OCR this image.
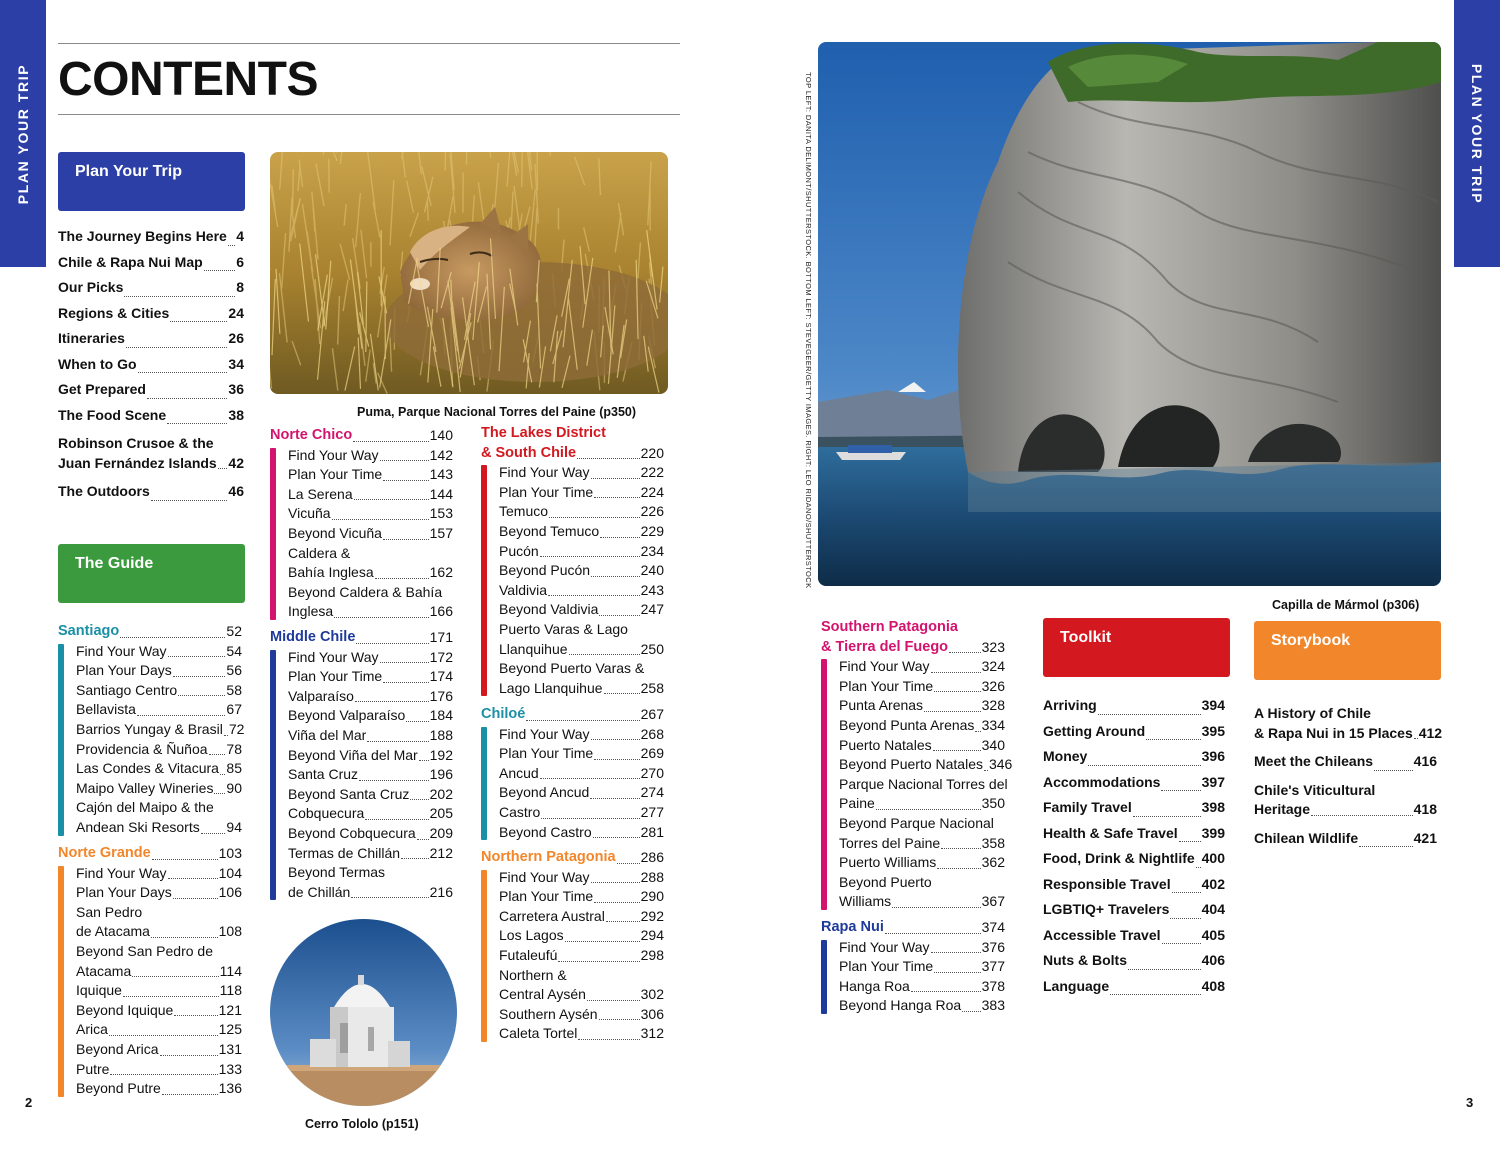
PLAN YOUR TRIP	PLAN YOUR TRIP
CONTENTS
Plan Your Trip
The Journey Begins Here 4
Chile & Rapa Nui Map 6
Our Picks	8
Regions & Cities	24
Itineraries	26
When to Go	34
Get Prepared	36
The Food Scene	38
Robinson Crusoe & the
Juan Fernández Islands 42
The Outdoors	46
The Guide
Santiago	52
Find Your Way	54
Plan Your Days	56
Santiago Centro	58
Bellavista	67
Barrios Yungay & Brasil 72
Providencia & Ñuñoa 78
Las Condes & Vitacura 85
Maipo Valley Wineries 90
Cajón del Maipo & the
Andean Ski Resorts 94
Norte Grande	103
Find Your Way	104
Plan Your Days	106
San Pedro
de Atacama	108
Beyond San Pedro de
Atacama	114
Iquique	118
Beyond Iquique	121
Arica	125
Beyond Arica	131
Putre	133
Beyond Putre	136
Puma, Parque Nacional Torres del Paine (p350)
Norte Chico	140
Find Your Way	142
Plan Your Time	143
La Serena	144
Vicuña	153
Beyond Vicuña	157
Caldera &
Bahía Inglesa	162
Beyond Caldera & Bahía
Inglesa	166
Middle Chile	171
Find Your Way	172
Plan Your Time	174
Valparaíso	176
Beyond Valparaíso 184
Viña del Mar	188
Beyond Viña del Mar 192
Santa Cruz	196
Beyond Santa Cruz 202
Cobquecura	205
Beyond Cobquecura 209
Termas de Chillán 212
Beyond Termas
de Chillán	216
Cerro Tololo (p151)
The Lakes District
& South Chile	220
Find Your Way	222
Plan Your Time	224
Temuco	226
Beyond Temuco	229
Pucón	234
Beyond Pucón	240
Valdivia	243
Beyond Valdivia	247
Puerto Varas & Lago
Llanquihue	250
Beyond Puerto Varas &
Lago Llanquihue	258
Chiloé	267
Find Your Way	268
Plan Your Time	269
Ancud	270
Beyond Ancud	274
Castro	277
Beyond Castro	281
Northern Patagonia 286
Find Your Way	288
Plan Your Time	290
Carretera Austral	292
Los Lagos	294
Futaleufú	298
Northern &
Central Aysén	302
Southern Aysén	306
Caleta Tortel	312
2
TOP LEFT: DANITA DELIMONT/SHUTTERSTOCK. BOTTOM LEFT: STEVEGEER/GETTY IMAGES. RIGHT: LEO RIDANO/SHUTTERSTOCK
Capilla de Mármol (p306)
Southern Patagonia
& Tierra del Fuego 323
Find Your Way	324
Plan Your Time	326
Punta Arenas	328
Beyond Punta Arenas 334
Puerto Natales	340
Beyond Puerto Natales 346
Parque Nacional Torres del
Paine	350
Beyond Parque Nacional
Torres del Paine	358
Puerto Williams	362
Beyond Puerto
Williams	367
Rapa Nui	374
Find Your Way	376
Plan Your Time	377
Hanga Roa	378
Beyond Hanga Roa 383
Toolkit
Arriving	394
Getting Around	395
Money	396
Accommodations	397
Family Travel	398
Health & Safe Travel 399
Food, Drink & Nightlife 400
Responsible Travel 402
LGBTIQ+ Travelers 404
Accessible Travel	405
Nuts & Bolts	406
Language	408
Storybook
A History of Chile
& Rapa Nui in 15 Places 412
Meet the Chileans	416
Chile's Viticultural
Heritage	418
Chilean Wildlife	421
3
